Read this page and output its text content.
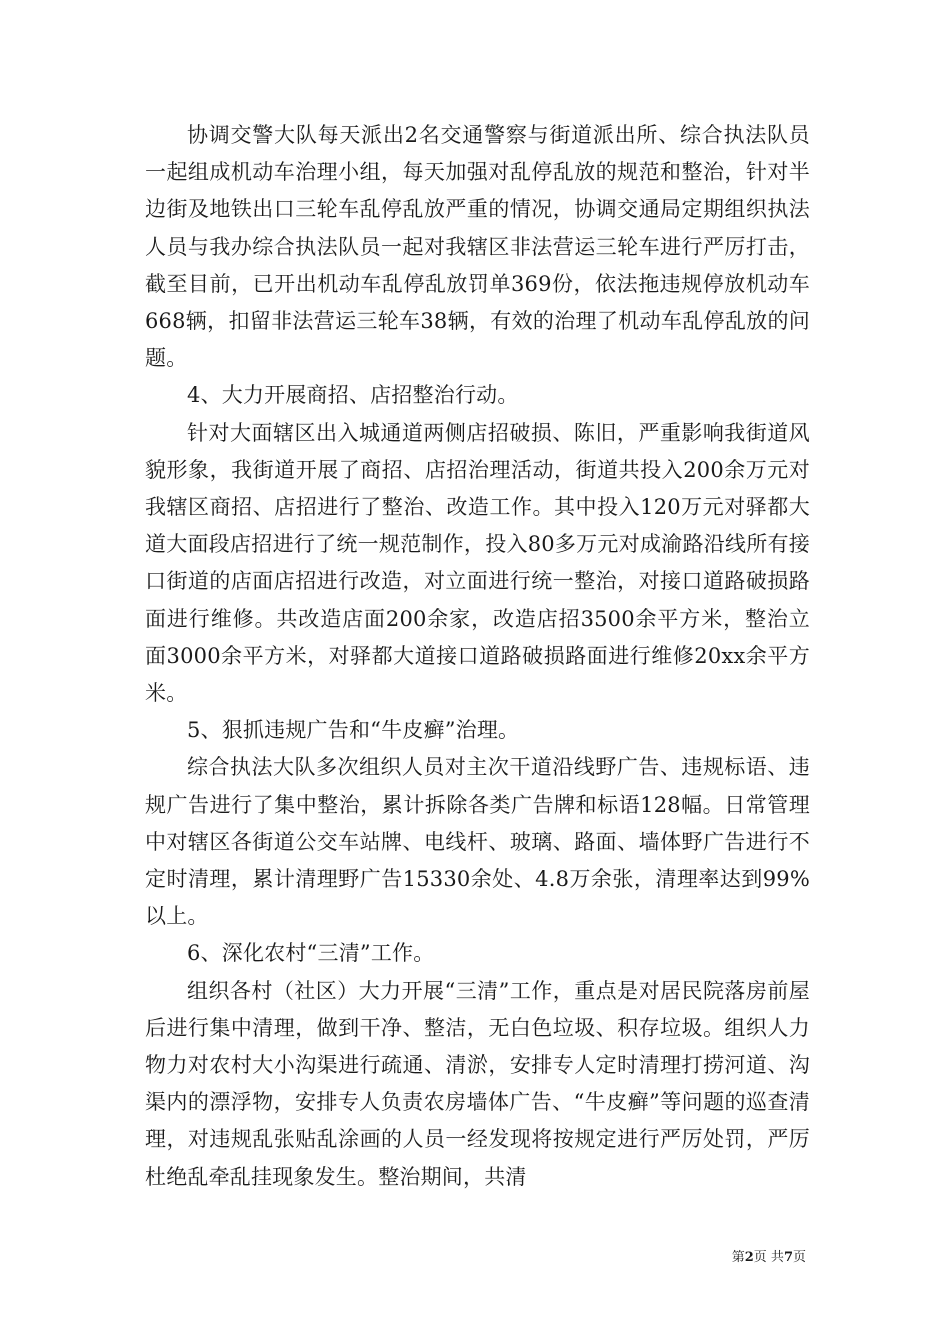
协调交警大队每天派出2名交通警察与街道派出所、综合执法队员一起组成机动车治理小组，每天加强对乱停乱放的规范和整治，针对半边街及地铁出口三轮车乱停乱放严重的情况，协调交通局定期组织执法人员与我办综合执法队员一起对我辖区非法营运三轮车进行严厉打击，截至目前，已开出机动车乱停乱放罚单369份，依法拖违规停放机动车668辆，扣留非法营运三轮车38辆，有效的治理了机动车乱停乱放的问题。

4、大力开展商招、店招整治行动。

针对大面辖区出入城通道两侧店招破损、陈旧，严重影响我街道风貌形象，我街道开展了商招、店招治理活动，街道共投入200余万元对我辖区商招、店招进行了整治、改造工作。其中投入120万元对驿都大道大面段店招进行了统一规范制作，投入80多万元对成渝路沿线所有接口街道的店面店招进行改造，对立面进行统一整治，对接口道路破损路面进行维修。共改造店面200余家，改造店招3500余平方米，整治立面3000余平方米，对驿都大道接口道路破损路面进行维修20xx余平方米。

5、狠抓违规广告和“牛皮癣”治理。

综合执法大队多次组织人员对主次干道沿线野广告、违规标语、违规广告进行了集中整治，累计拆除各类广告牌和标语128幅。日常管理中对辖区各街道公交车站牌、电线杆、玻璃、路面、墙体野广告进行不定时清理，累计清理野广告15330余处、4.8万余张，清理率达到99%以上。

6、深化农村“三清”工作。

组织各村（社区）大力开展“三清”工作，重点是对居民院落房前屋后进行集中清理，做到干净、整洁，无白色垃圾、积存垃圾。组织人力物力对农村大小沟渠进行疏通、清淤，安排专人定时清理打捞河道、沟渠内的漂浮物，安排专人负责农房墙体广告、“牛皮癣”等问题的巡查清理，对违规乱张贴乱涂画的人员一经发现将按规定进行严厉处罚，严厉杜绝乱牵乱挂现象发生。整治期间，共清

第2页 共7页
